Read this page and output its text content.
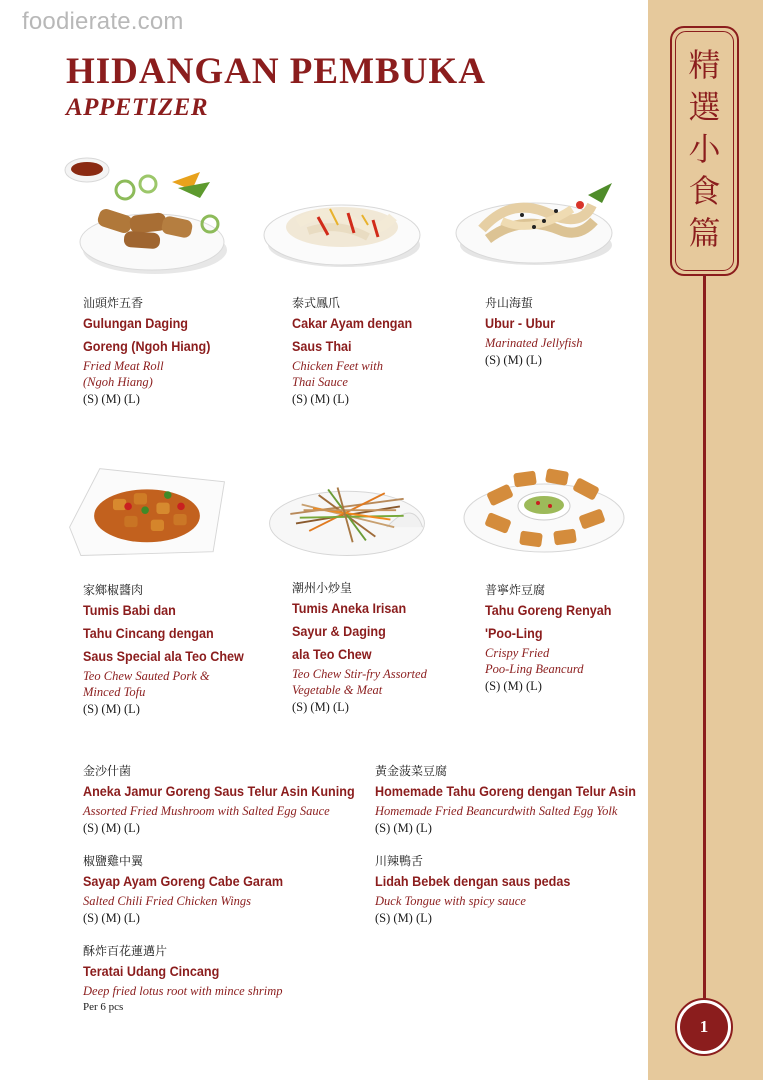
foodierate.com
HIDANGAN PEMBUKA
APPETIZER
精
選
小
食
篇
1
汕頭炸五香
Gulungan Daging
Goreng (Ngoh Hiang)
Fried Meat Roll
(Ngoh Hiang)
(S) (M) (L)
泰式鳳爪
Cakar Ayam dengan
Saus Thai
Chicken Feet with
Thai Sauce
(S) (M) (L)
舟山海蜇
Ubur - Ubur
Marinated Jellyfish
(S) (M) (L)
家鄉椒醬肉
Tumis Babi dan
Tahu Cincang dengan
Saus Special ala Teo Chew
Teo Chew Sauted Pork &
Minced Tofu
(S) (M) (L)
潮州小炒皇
Tumis Aneka Irisan
Sayur & Daging
ala Teo Chew
Teo Chew Stir-fry Assorted
Vegetable & Meat
(S) (M) (L)
普寧炸豆腐
Tahu Goreng Renyah
'Poo-Ling
Crispy Fried
Poo-Ling Beancurd
(S) (M) (L)
金沙什菌
Aneka Jamur Goreng Saus Telur Asin Kuning
Assorted Fried Mushroom with Salted Egg Sauce
(S) (M) (L)
黃金菠菜豆腐
Homemade Tahu Goreng dengan Telur Asin
Homemade Fried Beancurdwith Salted Egg Yolk
(S) (M) (L)
椒鹽雞中翼
Sayap Ayam Goreng Cabe Garam
Salted Chili Fried Chicken Wings
(S) (M) (L)
川辣鴨舌
Lidah Bebek dengan saus pedas
Duck Tongue with spicy sauce
(S) (M) (L)
酥炸百花蓮邁片
Teratai Udang Cincang
Deep fried lotus root with mince shrimp
Per 6 pcs
